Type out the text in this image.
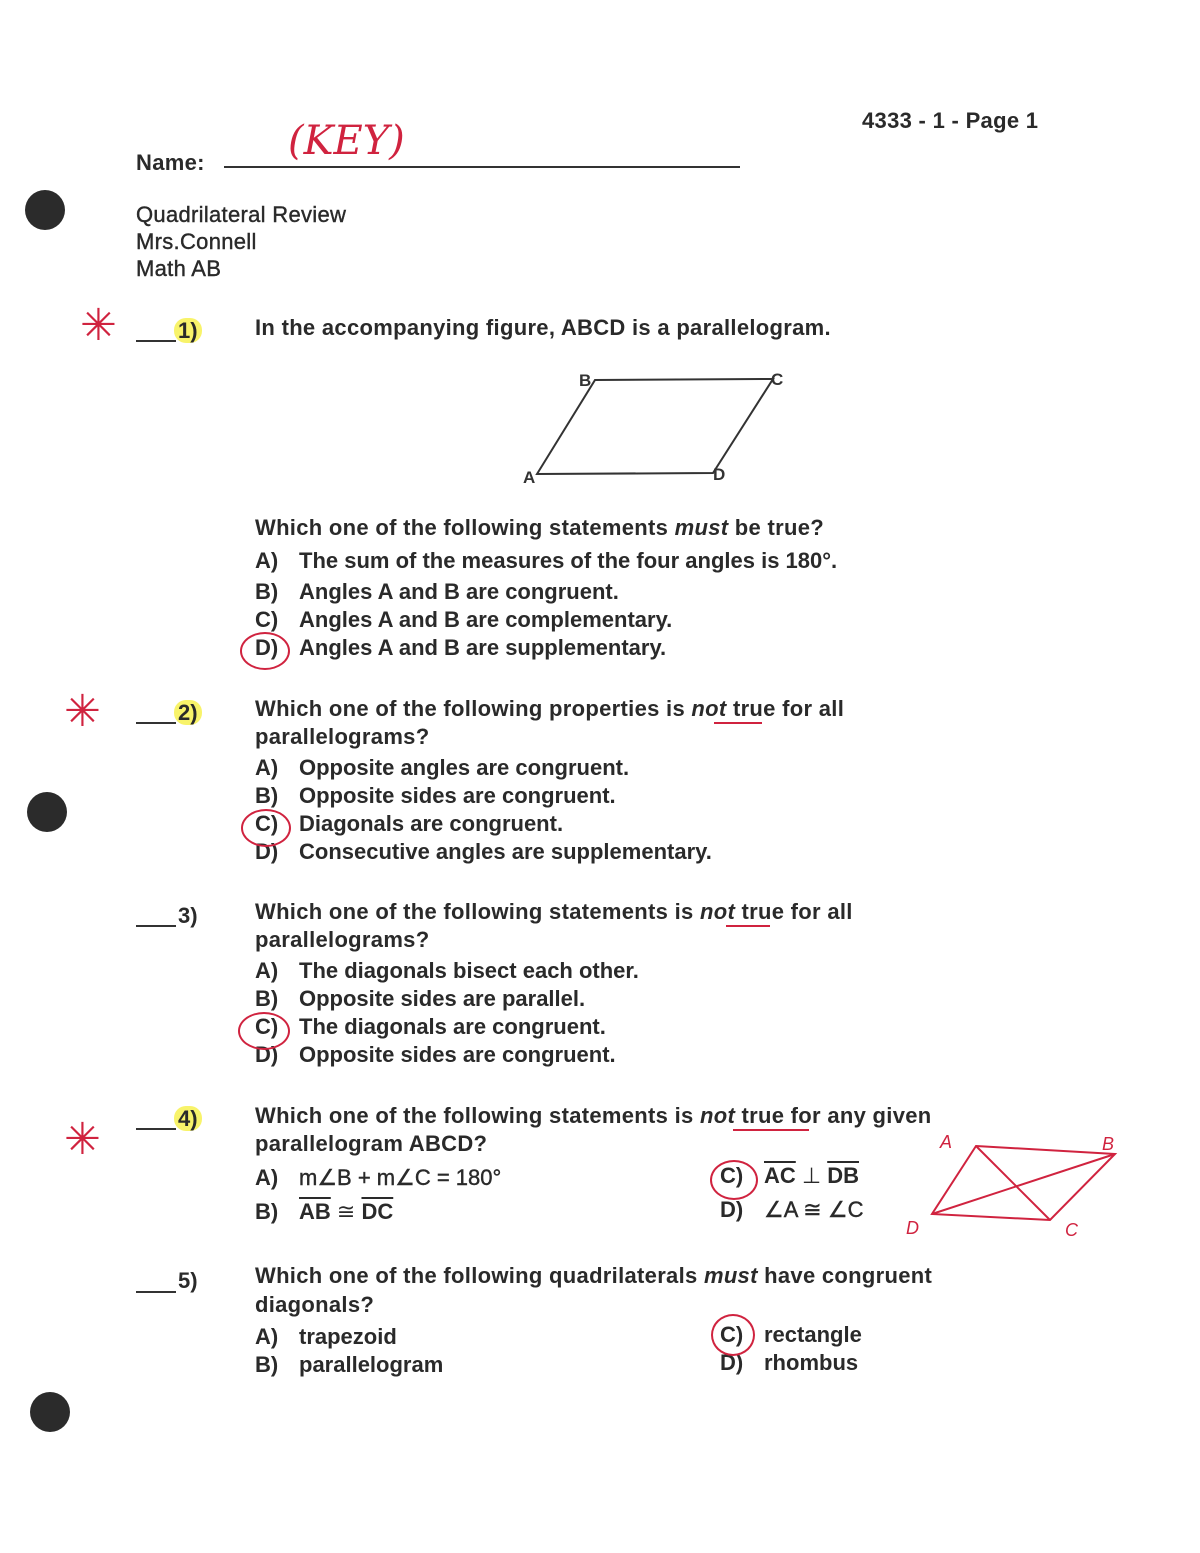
4333 - 1 - Page 1
Name: (KEY)
Quadrilateral Review
Mrs.Connell
Math AB
✳	1)	In the accompanying figure, ABCD is a parallelogram.
A
B	C
D
Which one of the following statements must be true?
A) The sum of the measures of the four angles is 180°.
B) Angles A and B are congruent.
C) Angles A and B are complementary.
D) Angles A and B are supplementary.
✳	2)	Which one of the following properties is not true for all
parallelograms?
A) Opposite angles are congruent.
B) Opposite sides are congruent.
C) Diagonals are congruent.
D) Consecutive angles are supplementary.
3)	Which one of the following statements is not true for all
parallelograms?
A) The diagonals bisect each other.
B) Opposite sides are parallel.
C) The diagonals are congruent.
D) Opposite sides are congruent.
✳	4)	Which one of the following statements is not true for any given
parallelogram ABCD?
A) m∠B + m∠C = 180°
B) $\overline{AB}$ ≅ $\overline{DC}$
C) $\overline{AC}$ ⊥ $\overline{DB}$
D) ∠A ≅ ∠C
A	B
C
D
5)	Which one of the following quadrilaterals must have congruent
diagonals?
A) trapezoid
B) parallelogram
C) rectangle
D) rhombus
